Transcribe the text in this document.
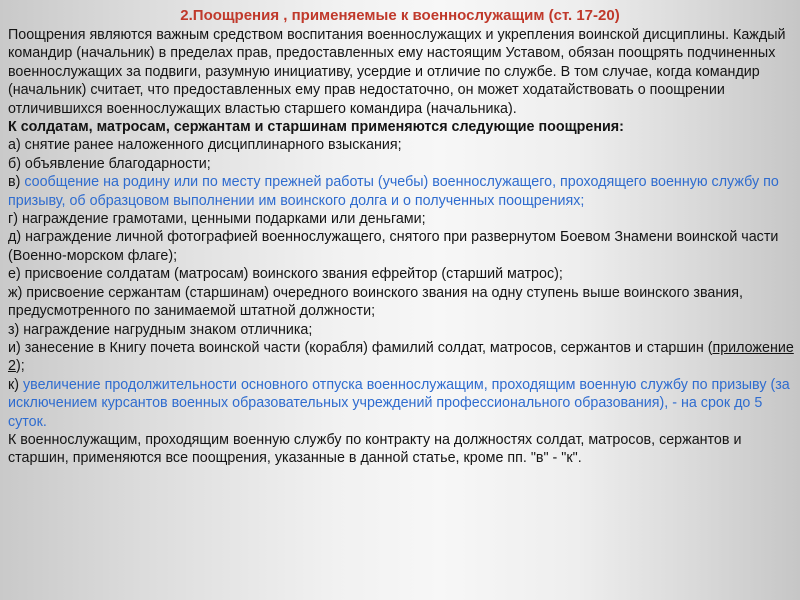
2.Поощрения , применяемые к военнослужащим (ст. 17-20)

Поощрения являются важным средством воспитания военнослужащих и укрепления воинской дисциплины. Каждый командир (начальник) в пределах прав, предоставленных ему настоящим Уставом, обязан поощрять подчиненных военнослужащих за подвиги, разумную инициативу, усердие и отличие по службе. В том случае, когда командир (начальник) считает, что предоставленных ему прав недостаточно, он может ходатайствовать о поощрении отличившихся военнослужащих властью старшего командира (начальника).

К солдатам, матросам, сержантам и старшинам применяются следующие поощрения:

а) снятие ранее наложенного дисциплинарного взыскания;

б) объявление благодарности;

в) сообщение на родину или по месту прежней работы (учебы) военнослужащего, проходящего военную службу по призыву, об образцовом выполнении им воинского долга и о полученных поощрениях;

г) награждение грамотами, ценными подарками или деньгами;

д) награждение личной фотографией военнослужащего, снятого при развернутом Боевом Знамени воинской части (Военно-морском флаге);

е) присвоение солдатам (матросам) воинского звания ефрейтор (старший матрос);

ж) присвоение сержантам (старшинам) очередного воинского звания на одну ступень выше воинского звания, предусмотренного по занимаемой штатной должности;

з) награждение нагрудным знаком отличника;

и) занесение в Книгу почета воинской части (корабля) фамилий солдат, матросов, сержантов и старшин (приложение 2);

к) увеличение продолжительности основного отпуска военнослужащим, проходящим военную службу по призыву (за исключением курсантов военных образовательных учреждений профессионального образования), - на срок до 5 суток.

К военнослужащим, проходящим военную службу по контракту на должностях солдат, матросов, сержантов и старшин, применяются все поощрения, указанные в данной статье, кроме пп. "в" - "к".
